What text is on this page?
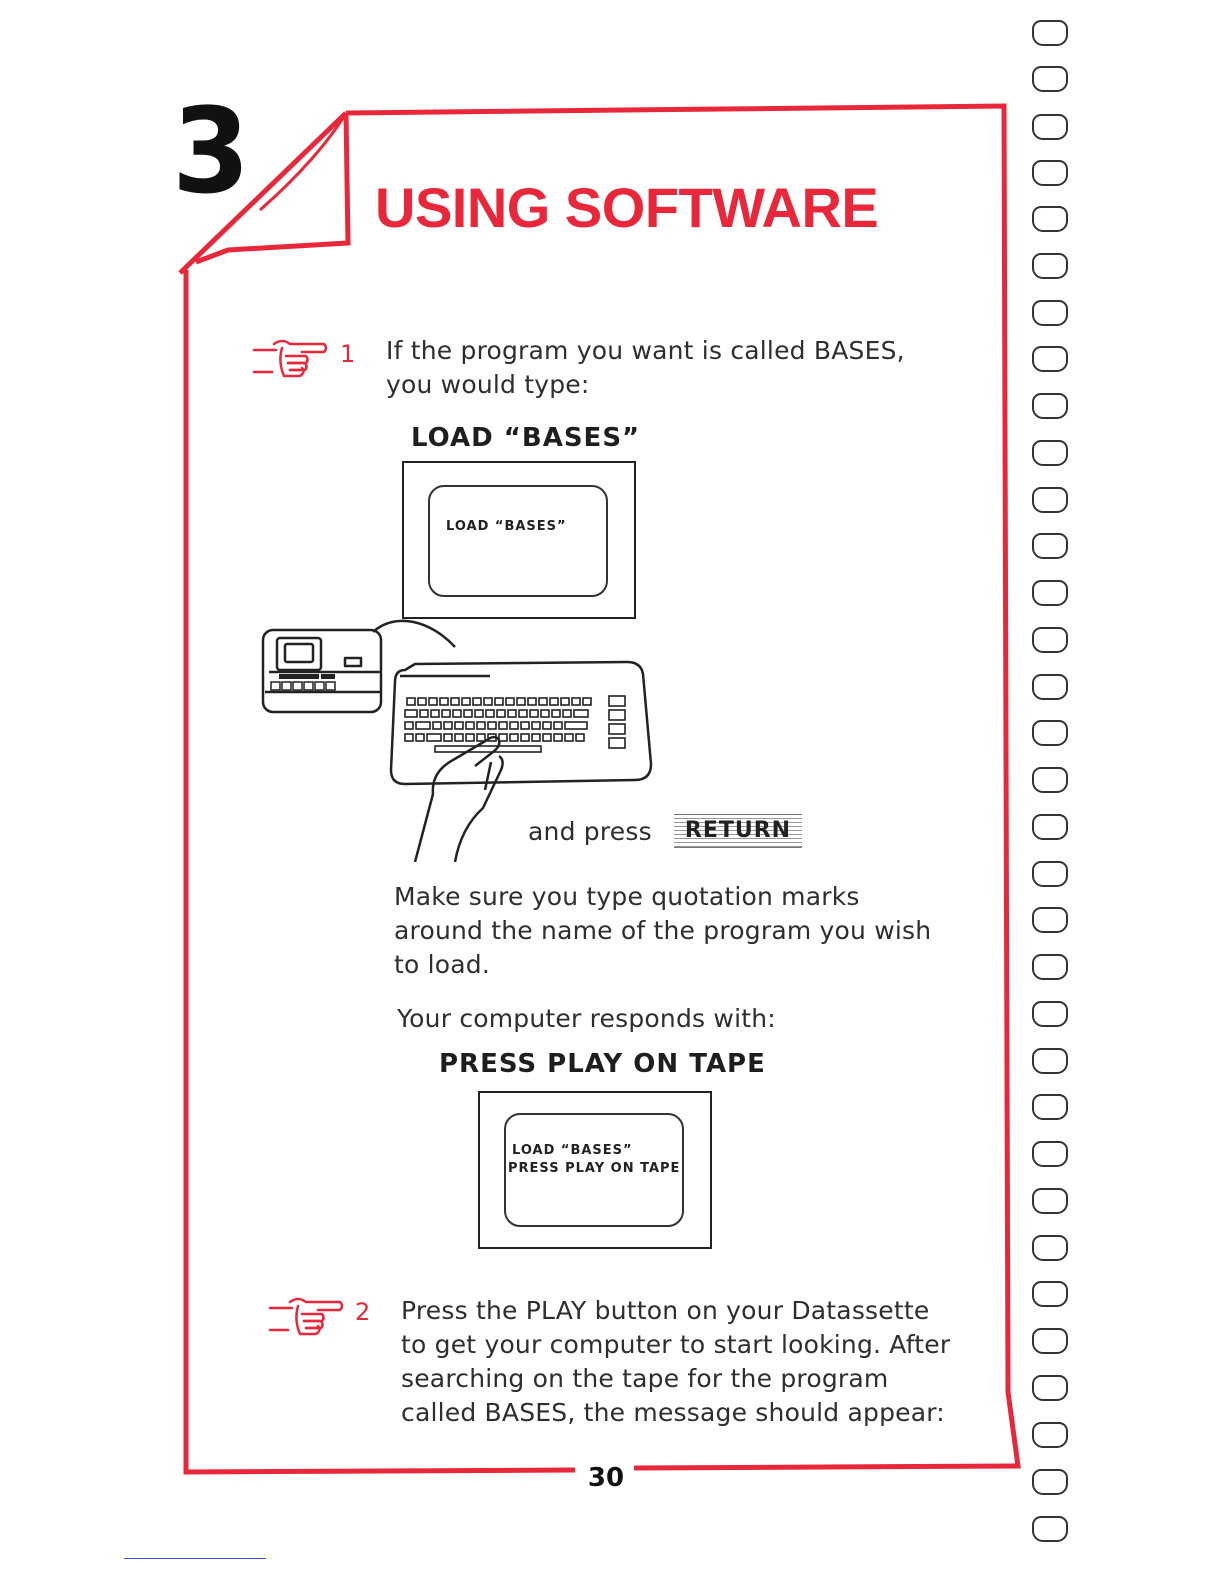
3 USING SOFTWARE
1 If the program you want is called BASES,
you would type:
LOAD “BASES”
LOAD “BASES”
and press	RETURN
Make sure you type quotation marks
around the name of the program you wish
to load.
Your computer responds with:
PRESS PLAY ON TAPE
LOAD “BASES”
PRESS PLAY ON TAPE
2 Press the PLAY button on your Datassette
to get your computer to start looking. After
searching on the tape for the program
called BASES, the message should appear:
30
